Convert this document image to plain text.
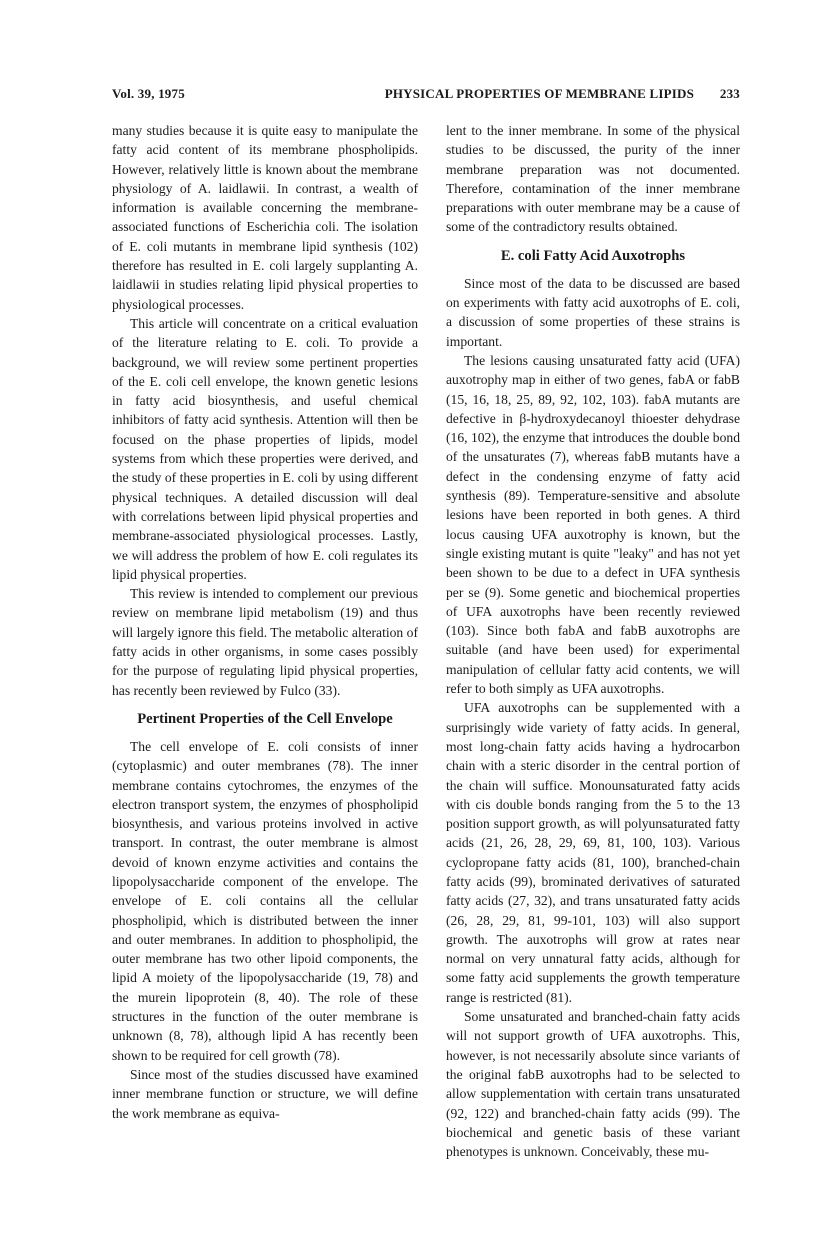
Vol. 39, 1975	PHYSICAL PROPERTIES OF MEMBRANE LIPIDS	233

many studies because it is quite easy to manipulate the fatty acid content of its membrane phospholipids. However, relatively little is known about the membrane physiology of A. laidlawii. In contrast, a wealth of information is available concerning the membrane-associated functions of Escherichia coli. The isolation of E. coli mutants in membrane lipid synthesis (102) therefore has resulted in E. coli largely supplanting A. laidlawii in studies relating lipid physical properties to physiological processes.

This article will concentrate on a critical evaluation of the literature relating to E. coli. To provide a background, we will review some pertinent properties of the E. coli cell envelope, the known genetic lesions in fatty acid biosynthesis, and useful chemical inhibitors of fatty acid synthesis. Attention will then be focused on the phase properties of lipids, model systems from which these properties were derived, and the study of these properties in E. coli by using different physical techniques. A detailed discussion will deal with correlations between lipid physical properties and membrane-associated physiological processes. Lastly, we will address the problem of how E. coli regulates its lipid physical properties.

This review is intended to complement our previous review on membrane lipid metabolism (19) and thus will largely ignore this field. The metabolic alteration of fatty acids in other organisms, in some cases possibly for the purpose of regulating lipid physical properties, has recently been reviewed by Fulco (33).

Pertinent Properties of the Cell Envelope

The cell envelope of E. coli consists of inner (cytoplasmic) and outer membranes (78). The inner membrane contains cytochromes, the enzymes of the electron transport system, the enzymes of phospholipid biosynthesis, and various proteins involved in active transport. In contrast, the outer membrane is almost devoid of known enzyme activities and contains the lipopolysaccharide component of the envelope. The envelope of E. coli contains all the cellular phospholipid, which is distributed between the inner and outer membranes. In addition to phospholipid, the outer membrane has two other lipoid components, the lipid A moiety of the lipopolysaccharide (19, 78) and the murein lipoprotein (8, 40). The role of these structures in the function of the outer membrane is unknown (8, 78), although lipid A has recently been shown to be required for cell growth (78).

Since most of the studies discussed have examined inner membrane function or structure, we will define the work membrane as equiva-

lent to the inner membrane. In some of the physical studies to be discussed, the purity of the inner membrane preparation was not documented. Therefore, contamination of the inner membrane preparations with outer membrane may be a cause of some of the contradictory results obtained.

E. coli Fatty Acid Auxotrophs

Since most of the data to be discussed are based on experiments with fatty acid auxotrophs of E. coli, a discussion of some properties of these strains is important.

The lesions causing unsaturated fatty acid (UFA) auxotrophy map in either of two genes, fabA or fabB (15, 16, 18, 25, 89, 92, 102, 103). fabA mutants are defective in β-hydroxydecanoyl thioester dehydrase (16, 102), the enzyme that introduces the double bond of the unsaturates (7), whereas fabB mutants have a defect in the condensing enzyme of fatty acid synthesis (89). Temperature-sensitive and absolute lesions have been reported in both genes. A third locus causing UFA auxotrophy is known, but the single existing mutant is quite "leaky" and has not yet been shown to be due to a defect in UFA synthesis per se (9). Some genetic and biochemical properties of UFA auxotrophs have been recently reviewed (103). Since both fabA and fabB auxotrophs are suitable (and have been used) for experimental manipulation of cellular fatty acid contents, we will refer to both simply as UFA auxotrophs.

UFA auxotrophs can be supplemented with a surprisingly wide variety of fatty acids. In general, most long-chain fatty acids having a hydrocarbon chain with a steric disorder in the central portion of the chain will suffice. Monounsaturated fatty acids with cis double bonds ranging from the 5 to the 13 position support growth, as will polyunsaturated fatty acids (21, 26, 28, 29, 69, 81, 100, 103). Various cyclopropane fatty acids (81, 100), branched-chain fatty acids (99), brominated derivatives of saturated fatty acids (27, 32), and trans unsaturated fatty acids (26, 28, 29, 81, 99-101, 103) will also support growth. The auxotrophs will grow at rates near normal on very unnatural fatty acids, although for some fatty acid supplements the growth temperature range is restricted (81).

Some unsaturated and branched-chain fatty acids will not support growth of UFA auxotrophs. This, however, is not necessarily absolute since variants of the original fabB auxotrophs had to be selected to allow supplementation with certain trans unsaturated (92, 122) and branched-chain fatty acids (99). The biochemical and genetic basis of these variant phenotypes is unknown. Conceivably, these mu-
